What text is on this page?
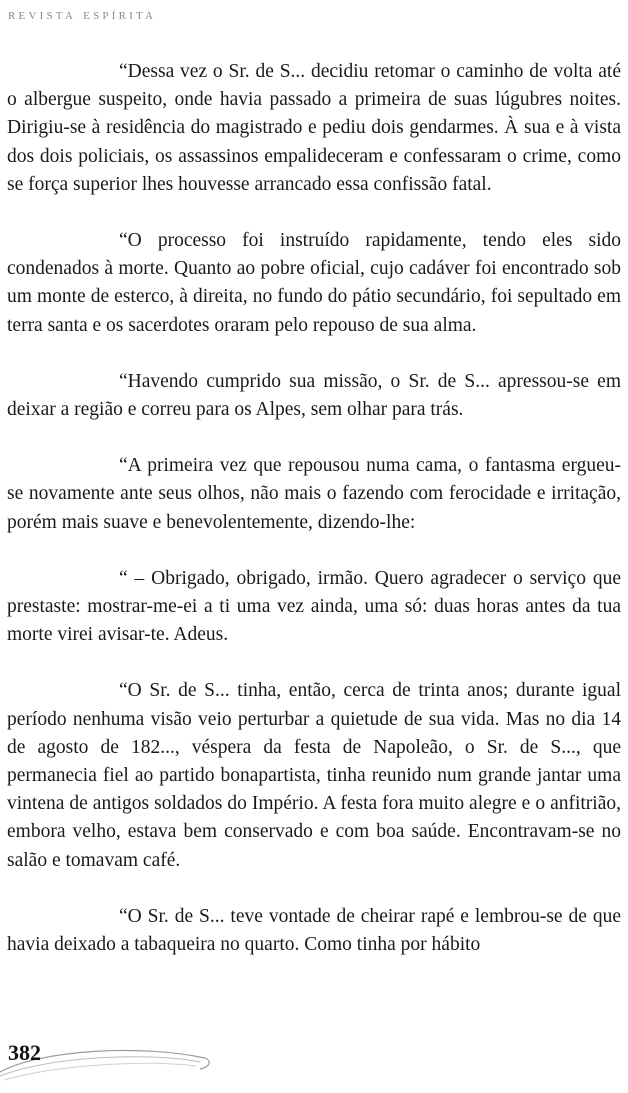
revista espírita

“Dessa vez o Sr. de S... decidiu retomar o caminho de volta até o albergue suspeito, onde havia passado a primeira de suas lúgubres noites. Dirigiu-se à residência do magistrado e pediu dois gendarmes. À sua e à vista dos dois policiais, os assassinos empalideceram e confessaram o crime, como se força superior lhes houvesse arrancado essa confissão fatal.

“O processo foi instruído rapidamente, tendo eles sido condenados à morte. Quanto ao pobre oficial, cujo cadáver foi encontrado sob um monte de esterco, à direita, no fundo do pátio secundário, foi sepultado em terra santa e os sacerdotes oraram pelo repouso de sua alma.

“Havendo cumprido sua missão, o Sr. de S... apressou-se em deixar a região e correu para os Alpes, sem olhar para trás.

“A primeira vez que repousou numa cama, o fantasma ergueu-se novamente ante seus olhos, não mais o fazendo com ferocidade e irritação, porém mais suave e benevolentemente, dizendo-lhe:

“ – Obrigado, obrigado, irmão. Quero agradecer o serviço que prestaste: mostrar-me-ei a ti uma vez ainda, uma só: duas horas antes da tua morte virei avisar-te. Adeus.

“O Sr. de S... tinha, então, cerca de trinta anos; durante igual período nenhuma visão veio perturbar a quietude de sua vida. Mas no dia 14 de agosto de 182..., véspera da festa de Napoleão, o Sr. de S..., que permanecia fiel ao partido bonapartista, tinha reunido num grande jantar uma vintena de antigos soldados do Império. A festa fora muito alegre e o anfitrião, embora velho, estava bem conservado e com boa saúde. Encontravam-se no salão e tomavam café.

“O Sr. de S... teve vontade de cheirar rapé e lembrou-se de que havia deixado a tabaqueira no quarto. Como tinha por hábito

382
